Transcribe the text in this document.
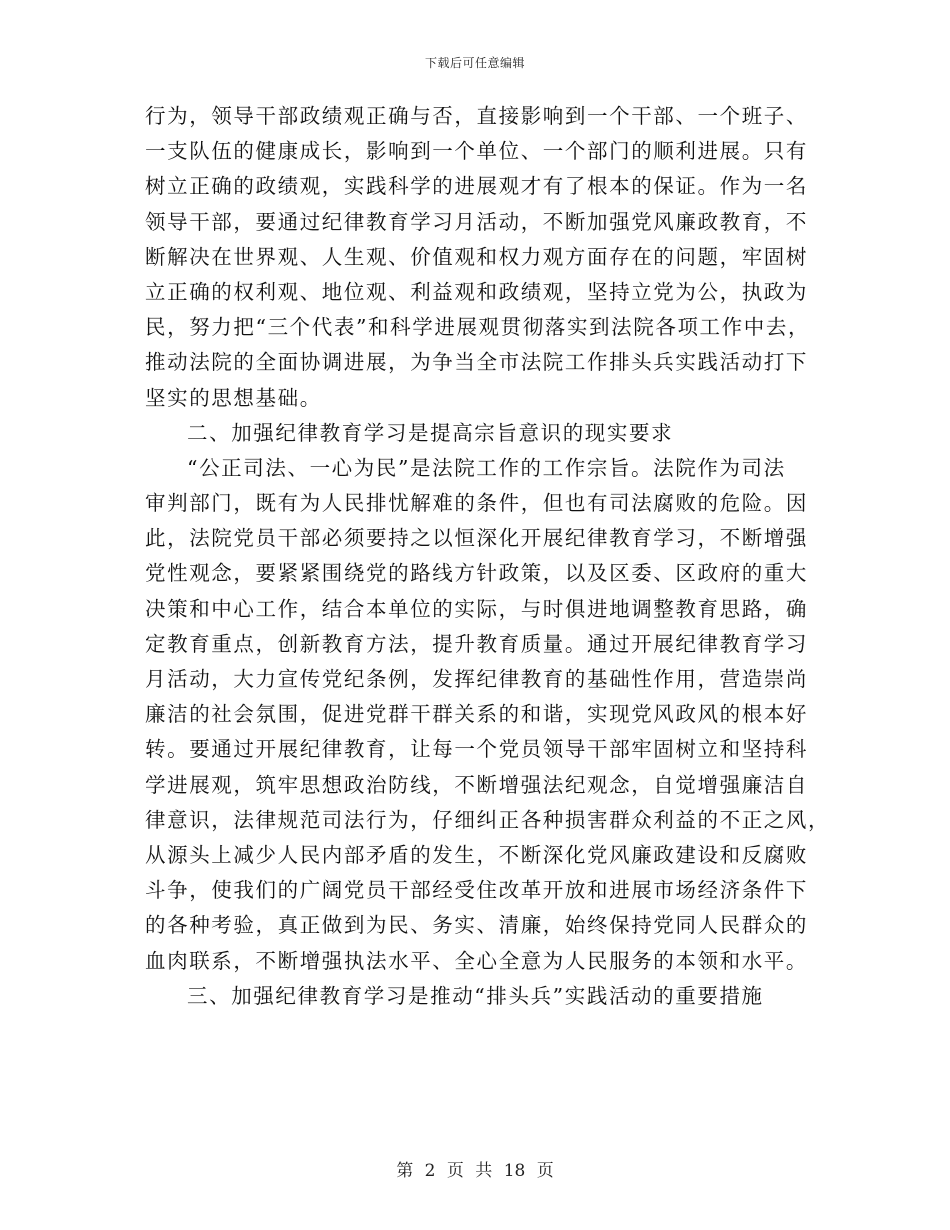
下载后可任意编辑
行为，领导干部政绩观正确与否，直接影响到一个干部、一个班子、
一支队伍的健康成长，影响到一个单位、一个部门的顺利进展。只有
树立正确的政绩观，实践科学的进展观才有了根本的保证。作为一名
领导干部，要通过纪律教育学习月活动，不断加强党风廉政教育，不
断解决在世界观、人生观、价值观和权力观方面存在的问题，牢固树
立正确的权利观、地位观、利益观和政绩观，坚持立党为公，执政为
民，努力把“三个代表”和科学进展观贯彻落实到法院各项工作中去，
推动法院的全面协调进展，为争当全市法院工作排头兵实践活动打下
坚实的思想基础。
二、加强纪律教育学习是提高宗旨意识的现实要求
“公正司法、一心为民”是法院工作的工作宗旨。法院作为司法
审判部门，既有为人民排忧解难的条件，但也有司法腐败的危险。因
此，法院党员干部必须要持之以恒深化开展纪律教育学习，不断增强
党性观念，要紧紧围绕党的路线方针政策，以及区委、区政府的重大
决策和中心工作，结合本单位的实际，与时俱进地调整教育思路，确
定教育重点，创新教育方法，提升教育质量。通过开展纪律教育学习
月活动，大力宣传党纪条例，发挥纪律教育的基础性作用，营造崇尚
廉洁的社会氛围，促进党群干群关系的和谐，实现党风政风的根本好
转。要通过开展纪律教育，让每一个党员领导干部牢固树立和坚持科
学进展观，筑牢思想政治防线，不断增强法纪观念，自觉增强廉洁自
律意识，法律规范司法行为，仔细纠正各种损害群众利益的不正之风，
从源头上减少人民内部矛盾的发生，不断深化党风廉政建设和反腐败
斗争，使我们的广阔党员干部经受住改革开放和进展市场经济条件下
的各种考验，真正做到为民、务实、清廉，始终保持党同人民群众的
血肉联系，不断增强执法水平、全心全意为人民服务的本领和水平。
三、加强纪律教育学习是推动“排头兵”实践活动的重要措施
第 2 页 共 18 页
